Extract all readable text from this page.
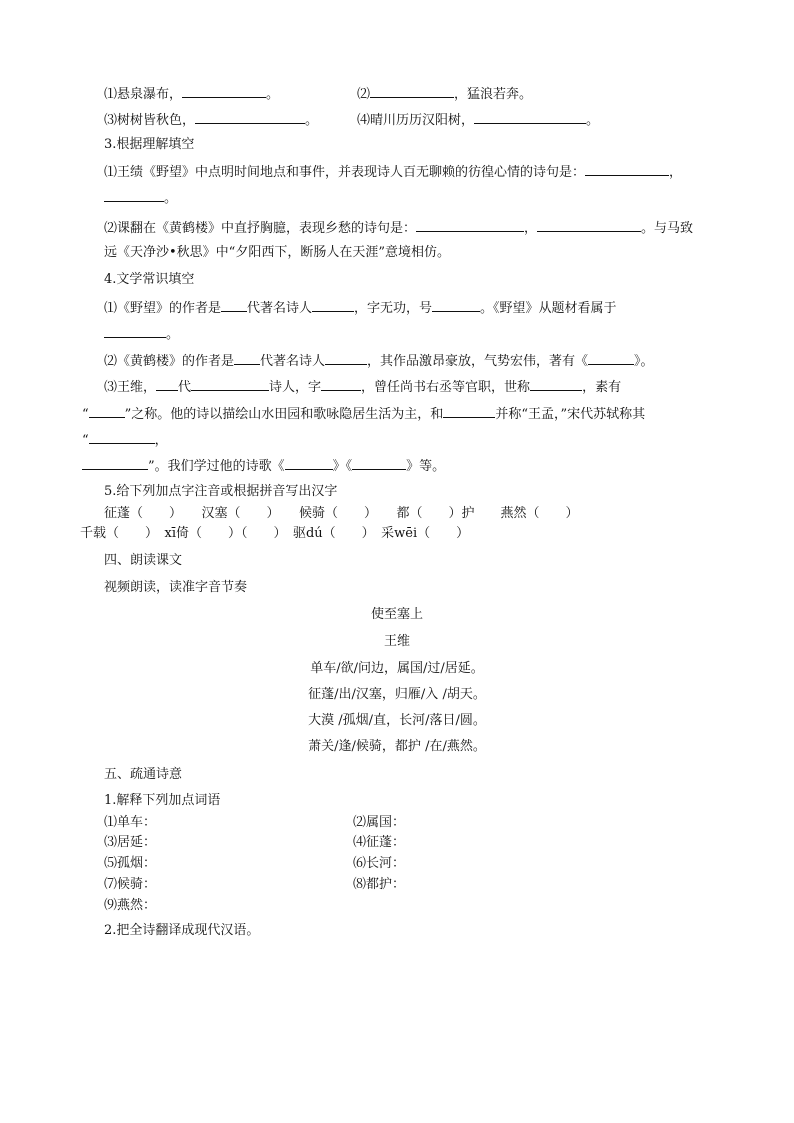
⑴悬泉瀑布，	。	⑵	，猛浪若奔。
⑶树树皆秋色，	。	⑷晴川历历汉阳树，	。
3.根据理解填空
⑴王绩《野望》中点明时间地点和事件，并表现诗人百无聊赖的彷徨心情的诗句是：	，
。
⑵课翻在《黄鹤楼》中直抒胸臆，表现乡愁的诗句是：	，	。与马致
远《天净沙•秋思》中“夕阳西下，断肠人在天涯”意境相仿。
4.文学常识填空
⑴《野望》的作者是 代著名诗人	，字无功，号	。《野望》从题材看属于
。
⑵《黄鹤楼》的作者是 代著名诗人	，其作品激昂豪放，气势宏伟，著有《	》。
⑶王维， 代	诗人，字	，曾任尚书右丞等官职，世称	，素有
“	”之称。他的诗以描绘山水田园和歌咏隐居生活为主，和	并称“王孟，”宋代苏轼称其
“	，
”。我们学过他的诗歌《	》《	》等。
5.给下列加点字注音或根据拼音写出汉字
征蓬（　　）　　汉塞（　　）　　候骑（　　）　　都（　　）护　　燕然（　　）
千载（　　）　xī倚（　　）（　　）　驱dú（　　）　采wēi（　　）
四、朗读课文
视频朗读，读准字音节奏
使至塞上
王维
单车/欲/问边，属国/过/居延。
征蓬/出/汉塞，归雁/入 /胡天。
大漠 /孤烟/直，长河/落日/圆。
萧关/逢/候骑，都护 /在/燕然。
五、疏通诗意
1.解释下列加点词语
⑴单车：	⑵属国：
⑶居延：	⑷征蓬：
⑸孤烟：	⑹长河：
⑺候骑：	⑻都护：
⑼燕然：
2.把全诗翻译成现代汉语。
